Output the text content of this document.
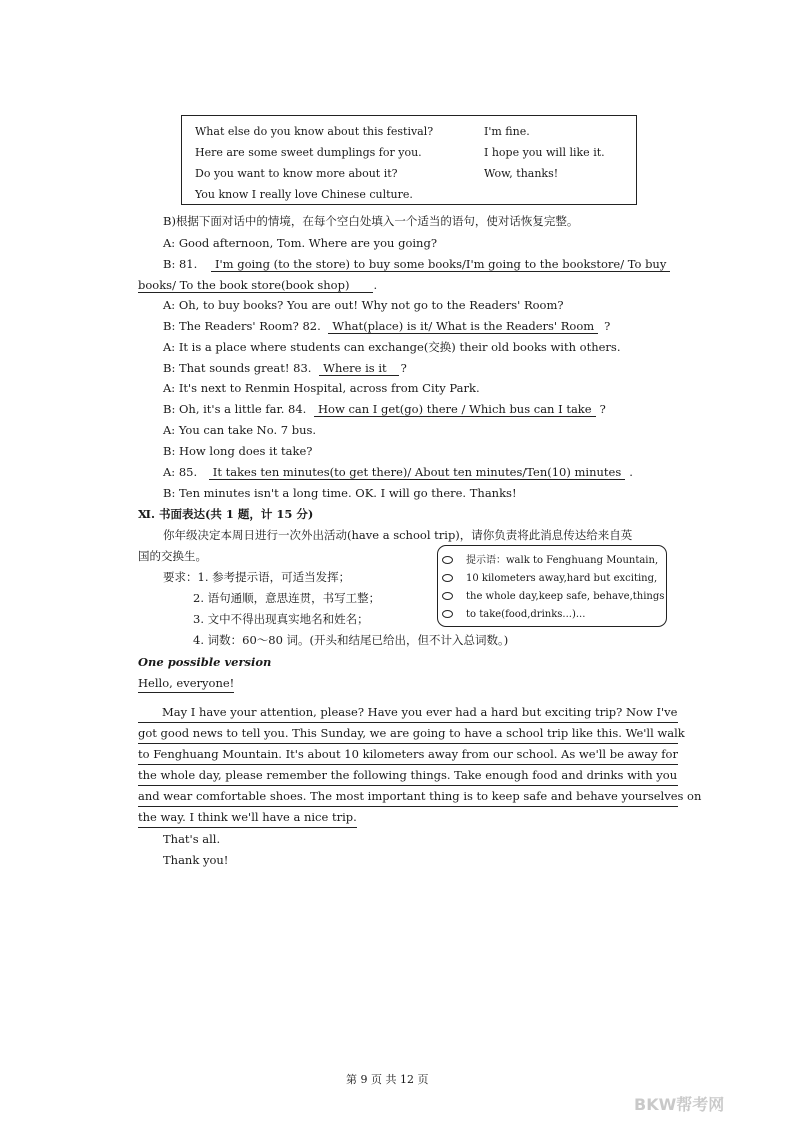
What else do you know about this festival?
Here are some sweet dumplings for you.
Do you want to know more about it?
You know I really love Chinese culture.
I'm fine.
I hope you will like it.
Wow, thanks!
B)根据下面对话中的情境，在每个空白处填入一个适当的语句，使对话恢复完整。
A: Good afternoon, Tom. Where are you going?
B: 81. I'm going (to the store) to buy some books/I'm going to the bookstore/ To buy
books/ To the book store(book shop) .
A: Oh, to buy books? You are out! Why not go to the Readers' Room?
B: The Readers' Room? 82. What(place) is it/ What is the Readers' Room ?
A: It is a place where students can exchange(交换) their old books with others.
B: That sounds great! 83. Where is it ?
A: It's next to Renmin Hospital, across from City Park.
B: Oh, it's a little far. 84. How can I get(go) there / Which bus can I take ?
A: You can take No. 7 bus.
B: How long does it take?
A: 85. It takes ten minutes(to get there)/ About ten minutes/Ten(10) minutes .
B: Ten minutes isn't a long time. OK. I will go there. Thanks!
Ⅺ. 书面表达(共 1 题，计 15 分)
你年级决定本周日进行一次外出活动(have a school trip)，请你负责将此消息传达给来自英
国的交换生。
要求：1. 参考提示语，可适当发挥；
2. 语句通顺，意思连贯，书写工整；
3. 文中不得出现真实地名和姓名；
4. 词数：60～80 词。(开头和结尾已给出，但不计入总词数。)
提示语：walk to Fenghuang Mountain,
10 kilometers away,hard but exciting,
the whole day,keep safe, behave,things
to take(food,drinks...)...
One possible version
Hello, everyone!
May I have your attention, please? Have you ever had a hard but exciting trip? Now I've
got good news to tell you. This Sunday, we are going to have a school trip like this. We'll walk
to Fenghuang Mountain. It's about 10 kilometers away from our school. As we'll be away for
the whole day, please remember the following things. Take enough food and drinks with you
and wear comfortable shoes. The most important thing is to keep safe and behave yourselves on
the way. I think we'll have a nice trip.
That's all.
Thank you!
第 9 页 共 12 页
BKW帮考网
